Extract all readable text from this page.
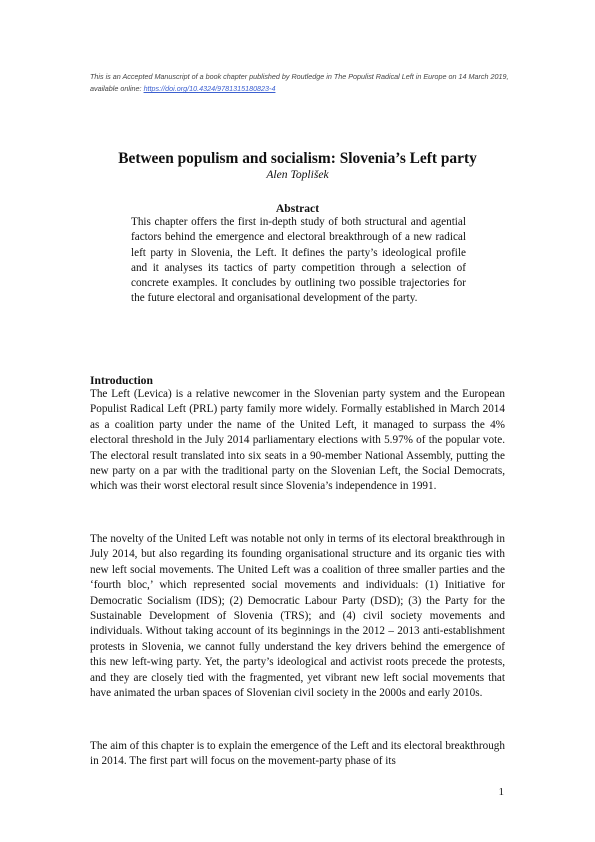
This is an Accepted Manuscript of a book chapter published by Routledge in The Populist Radical Left in Europe on 14 March 2019, available online: https://doi.org/10.4324/9781315180823-4
Between populism and socialism: Slovenia’s Left party
Alen Toplišek
Abstract
This chapter offers the first in-depth study of both structural and agential factors behind the emergence and electoral breakthrough of a new radical left party in Slovenia, the Left. It defines the party’s ideological profile and it analyses its tactics of party competition through a selection of concrete examples. It concludes by outlining two possible trajectories for the future electoral and organisational development of the party.
Introduction

The Left (Levica) is a relative newcomer in the Slovenian party system and the European Populist Radical Left (PRL) party family more widely. Formally established in March 2014 as a coalition party under the name of the United Left, it managed to surpass the 4% electoral threshold in the July 2014 parliamentary elections with 5.97% of the popular vote. The electoral result translated into six seats in a 90-member National Assembly, putting the new party on a par with the traditional party on the Slovenian Left, the Social Democrats, which was their worst electoral result since Slovenia’s independence in 1991.

The novelty of the United Left was notable not only in terms of its electoral breakthrough in July 2014, but also regarding its founding organisational structure and its organic ties with new left social movements. The United Left was a coalition of three smaller parties and the ‘fourth bloc,’ which represented social movements and individuals: (1) Initiative for Democratic Socialism (IDS); (2) Democratic Labour Party (DSD); (3) the Party for the Sustainable Development of Slovenia (TRS); and (4) civil society movements and individuals. Without taking account of its beginnings in the 2012 – 2013 anti-establishment protests in Slovenia, we cannot fully understand the key drivers behind the emergence of this new left-wing party. Yet, the party’s ideological and activist roots precede the protests, and they are closely tied with the fragmented, yet vibrant new left social movements that have animated the urban spaces of Slovenian civil society in the 2000s and early 2010s.

The aim of this chapter is to explain the emergence of the Left and its electoral breakthrough in 2014. The first part will focus on the movement-party phase of its

1
